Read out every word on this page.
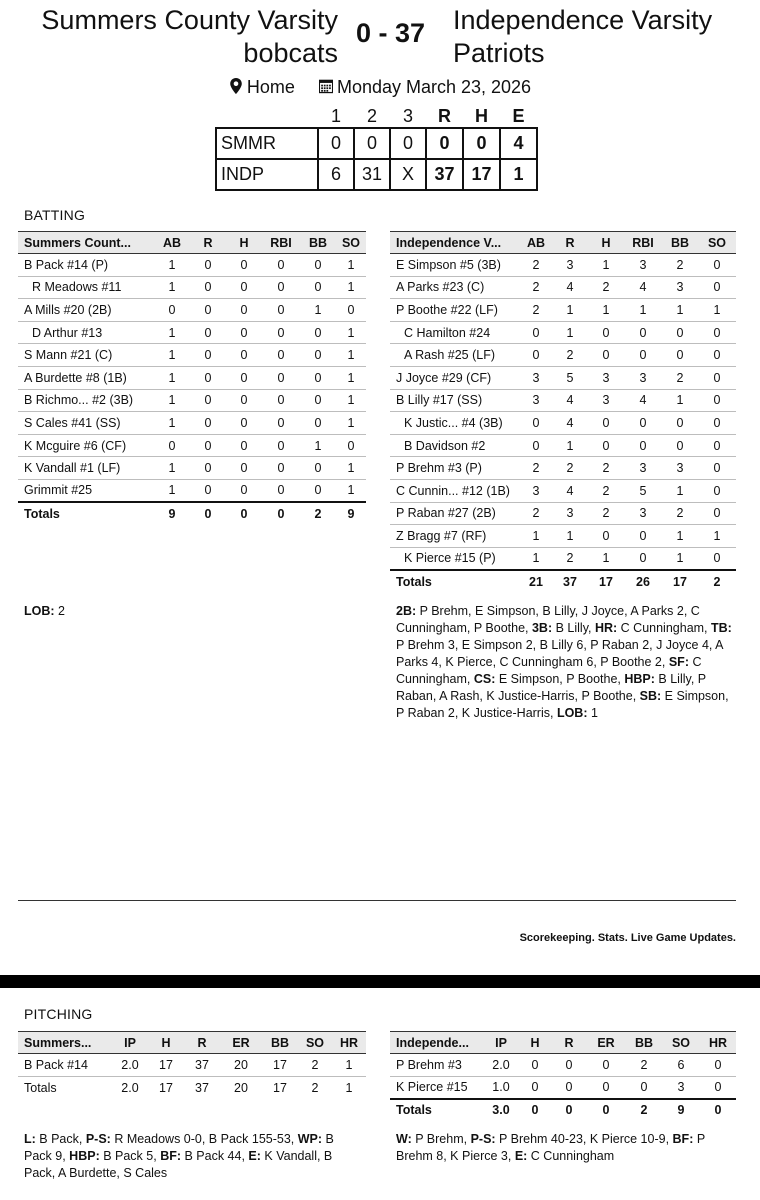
Summers County Varsity
bobcats
0 - 37 Independence Varsity
Patriots
Home Monday March 23, 2026
	1	2	3	R	H	E
SMMR	0	0	0	0	0	4
INDP	6	31	X	37	17	1
BATTING
Summers Count...	AB	R	H	RBI	BB	SO
B Pack #14 (P)	1	0	0	0	0	1
R Meadows #11	1	0	0	0	0	1
A Mills #20 (2B)	0	0	0	0	1	0
D Arthur #13	1	0	0	0	0	1
S Mann #21 (C)	1	0	0	0	0	1
A Burdette #8 (1B)	1	0	0	0	0	1
B Richmo... #2 (3B)	1	0	0	0	0	1
S Cales #41 (SS)	1	0	0	0	0	1
K Mcguire #6 (CF)	0	0	0	0	1	0
K Vandall #1 (LF)	1	0	0	0	0	1
Grimmit #25	1	0	0	0	0	1
Totals	9	0	0	0	2	9
Independence V...	AB	R	H	RBI	BB	SO
E Simpson #5 (3B)	2	3	1	3	2	0
A Parks #23 (C)	2	4	2	4	3	0
P Boothe #22 (LF)	2	1	1	1	1	1
C Hamilton #24	0	1	0	0	0	0
A Rash #25 (LF)	0	2	0	0	0	0
J Joyce #29 (CF)	3	5	3	3	2	0
B Lilly #17 (SS)	3	4	3	4	1	0
K Justic... #4 (3B)	0	4	0	0	0	0
B Davidson #2	0	1	0	0	0	0
P Brehm #3 (P)	2	2	2	3	3	0
C Cunnin... #12 (1B)	3	4	2	5	1	0
P Raban #27 (2B)	2	3	2	3	2	0
Z Bragg #7 (RF)	1	1	0	0	1	1
K Pierce #15 (P)	1	2	1	0	1	0
Totals	21	37	17	26	17	2
LOB: 2	2B: P Brehm, E Simpson, B Lilly, J Joyce, A Parks 2, C Cunningham, P Boothe, 3B: B Lilly, HR: C Cunningham, TB: P Brehm 3, E Simpson 2, B Lilly 6, P Raban 2, J Joyce 4, A Parks 4, K Pierce, C Cunningham 6, P Boothe 2, SF: C Cunningham, CS: E Simpson, P Boothe, HBP: B Lilly, P Raban, A Rash, K Justice-Harris, P Boothe, SB: E Simpson, P Raban 2, K Justice-Harris, LOB: 1
Scorekeeping. Stats. Live Game Updates.
PITCHING
Summers...	IP	H	R	ER	BB	SO	HR
B Pack #14	2.0	17	37	20	17	2	1
Totals	2.0	17	37	20	17	2	1
Independe...	IP	H	R	ER	BB	SO	HR
P Brehm #3	2.0	0	0	0	2	6	0
K Pierce #15	1.0	0	0	0	0	3	0
Totals	3.0	0	0	0	2	9	0
L: B Pack, P-S: R Meadows 0-0, B Pack 155-53, WP: B Pack 9, HBP: B Pack 5, BF: B Pack 44, E: K Vandall, B Pack, A Burdette, S Cales
W: P Brehm, P-S: P Brehm 40-23, K Pierce 10-9, BF: P Brehm 8, K Pierce 3, E: C Cunningham
